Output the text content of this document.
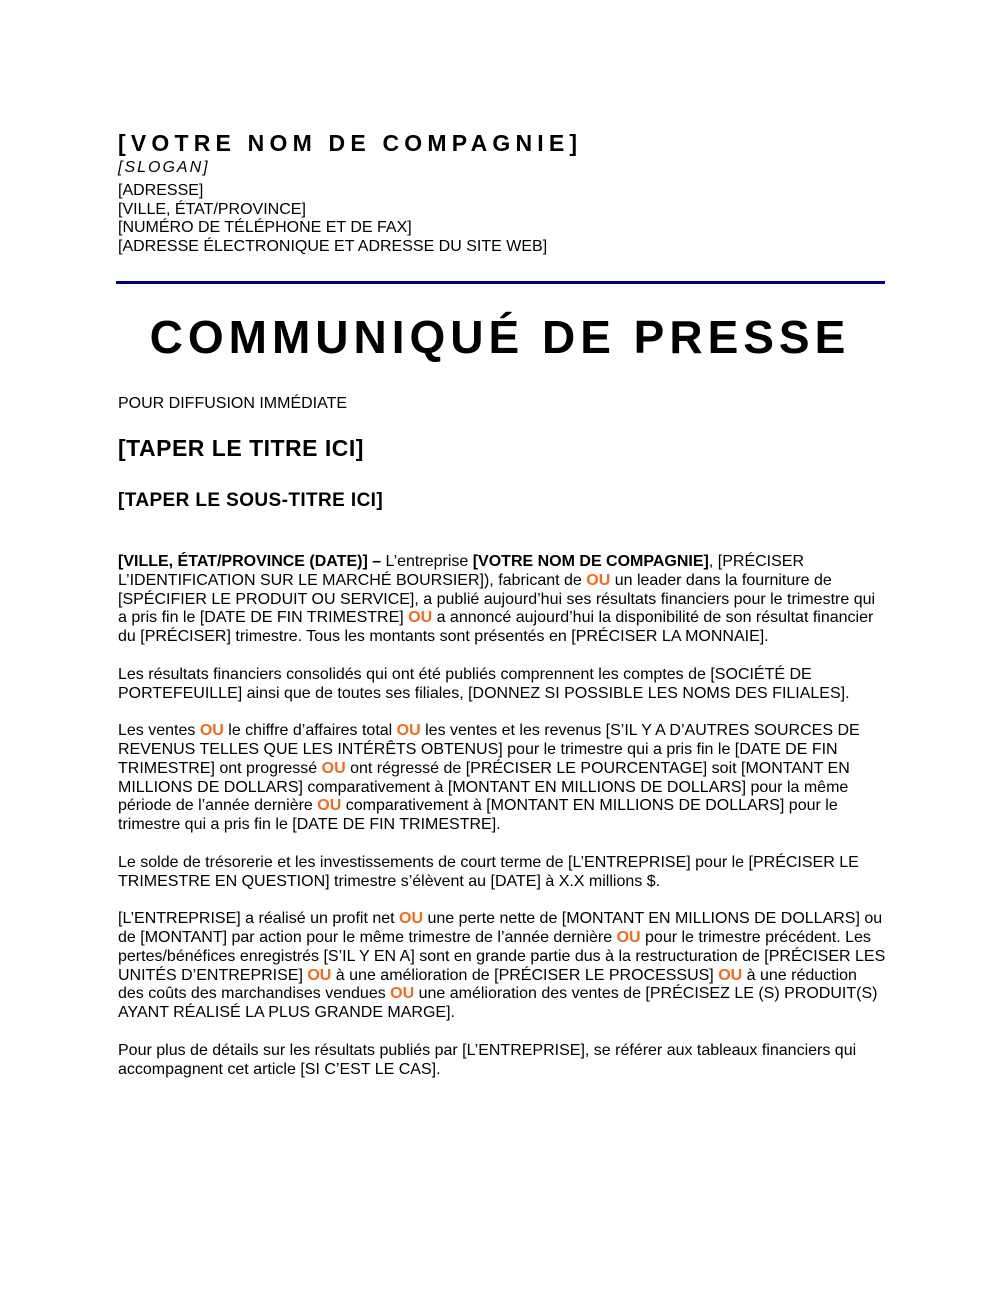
[VOTRE NOM DE COMPAGNIE]
[SLOGAN]
[ADRESSE]
[VILLE, ÉTAT/PROVINCE]
[NUMÉRO DE TÉLÉPHONE ET DE FAX]
[ADRESSE ÉLECTRONIQUE ET ADRESSE DU SITE WEB]
COMMUNIQUÉ DE PRESSE
POUR DIFFUSION IMMÉDIATE
[TAPER LE TITRE ICI]
[TAPER LE SOUS-TITRE ICI]

[VILLE, ÉTAT/PROVINCE (DATE)] – L’entreprise [VOTRE NOM DE COMPAGNIE], [PRÉCISER L’IDENTIFICATION SUR LE MARCHÉ BOURSIER]), fabricant de OU un leader dans la fourniture de [SPÉCIFIER LE PRODUIT OU SERVICE], a publié aujourd’hui ses résultats financiers pour le trimestre qui a pris fin le [DATE DE FIN TRIMESTRE] OU a annoncé aujourd’hui la disponibilité de son résultat financier du [PRÉCISER] trimestre. Tous les montants sont présentés en [PRÉCISER LA MONNAIE].

Les résultats financiers consolidés qui ont été publiés comprennent les comptes de [SOCIÉTÉ DE PORTEFEUILLE] ainsi que de toutes ses filiales, [DONNEZ SI POSSIBLE LES NOMS DES FILIALES].

Les ventes OU le chiffre d’affaires total OU les ventes et les revenus [S’IL Y A D’AUTRES SOURCES DE REVENUS TELLES QUE LES INTÉRÊTS OBTENUS] pour le trimestre qui a pris fin le [DATE DE FIN TRIMESTRE] ont progressé OU ont régressé de [PRÉCISER LE POURCENTAGE] soit [MONTANT EN MILLIONS DE DOLLARS] comparativement à [MONTANT EN MILLIONS DE DOLLARS] pour la même période de l’année dernière OU comparativement à [MONTANT EN MILLIONS DE DOLLARS] pour le trimestre qui a pris fin le [DATE DE FIN TRIMESTRE].

Le solde de trésorerie et les investissements de court terme de [L’ENTREPRISE] pour le [PRÉCISER LE TRIMESTRE EN QUESTION] trimestre s’élèvent au [DATE] à X.X millions $.

[L’ENTREPRISE] a réalisé un profit net OU une perte nette de [MONTANT EN MILLIONS DE DOLLARS] ou de [MONTANT] par action pour le même trimestre de l’année dernière OU pour le trimestre précédent. Les pertes/bénéfices enregistrés [S’IL Y EN A] sont en grande partie dus à la restructuration de [PRÉCISER LES UNITÉS D’ENTREPRISE] OU à une amélioration de [PRÉCISER LE PROCESSUS] OU à une réduction des coûts des marchandises vendues OU une amélioration des ventes de [PRÉCISEZ LE (S) PRODUIT(S) AYANT RÉALISÉ LA PLUS GRANDE MARGE].

Pour plus de détails sur les résultats publiés par [L’ENTREPRISE], se référer aux tableaux financiers qui accompagnent cet article [SI C’EST LE CAS].
